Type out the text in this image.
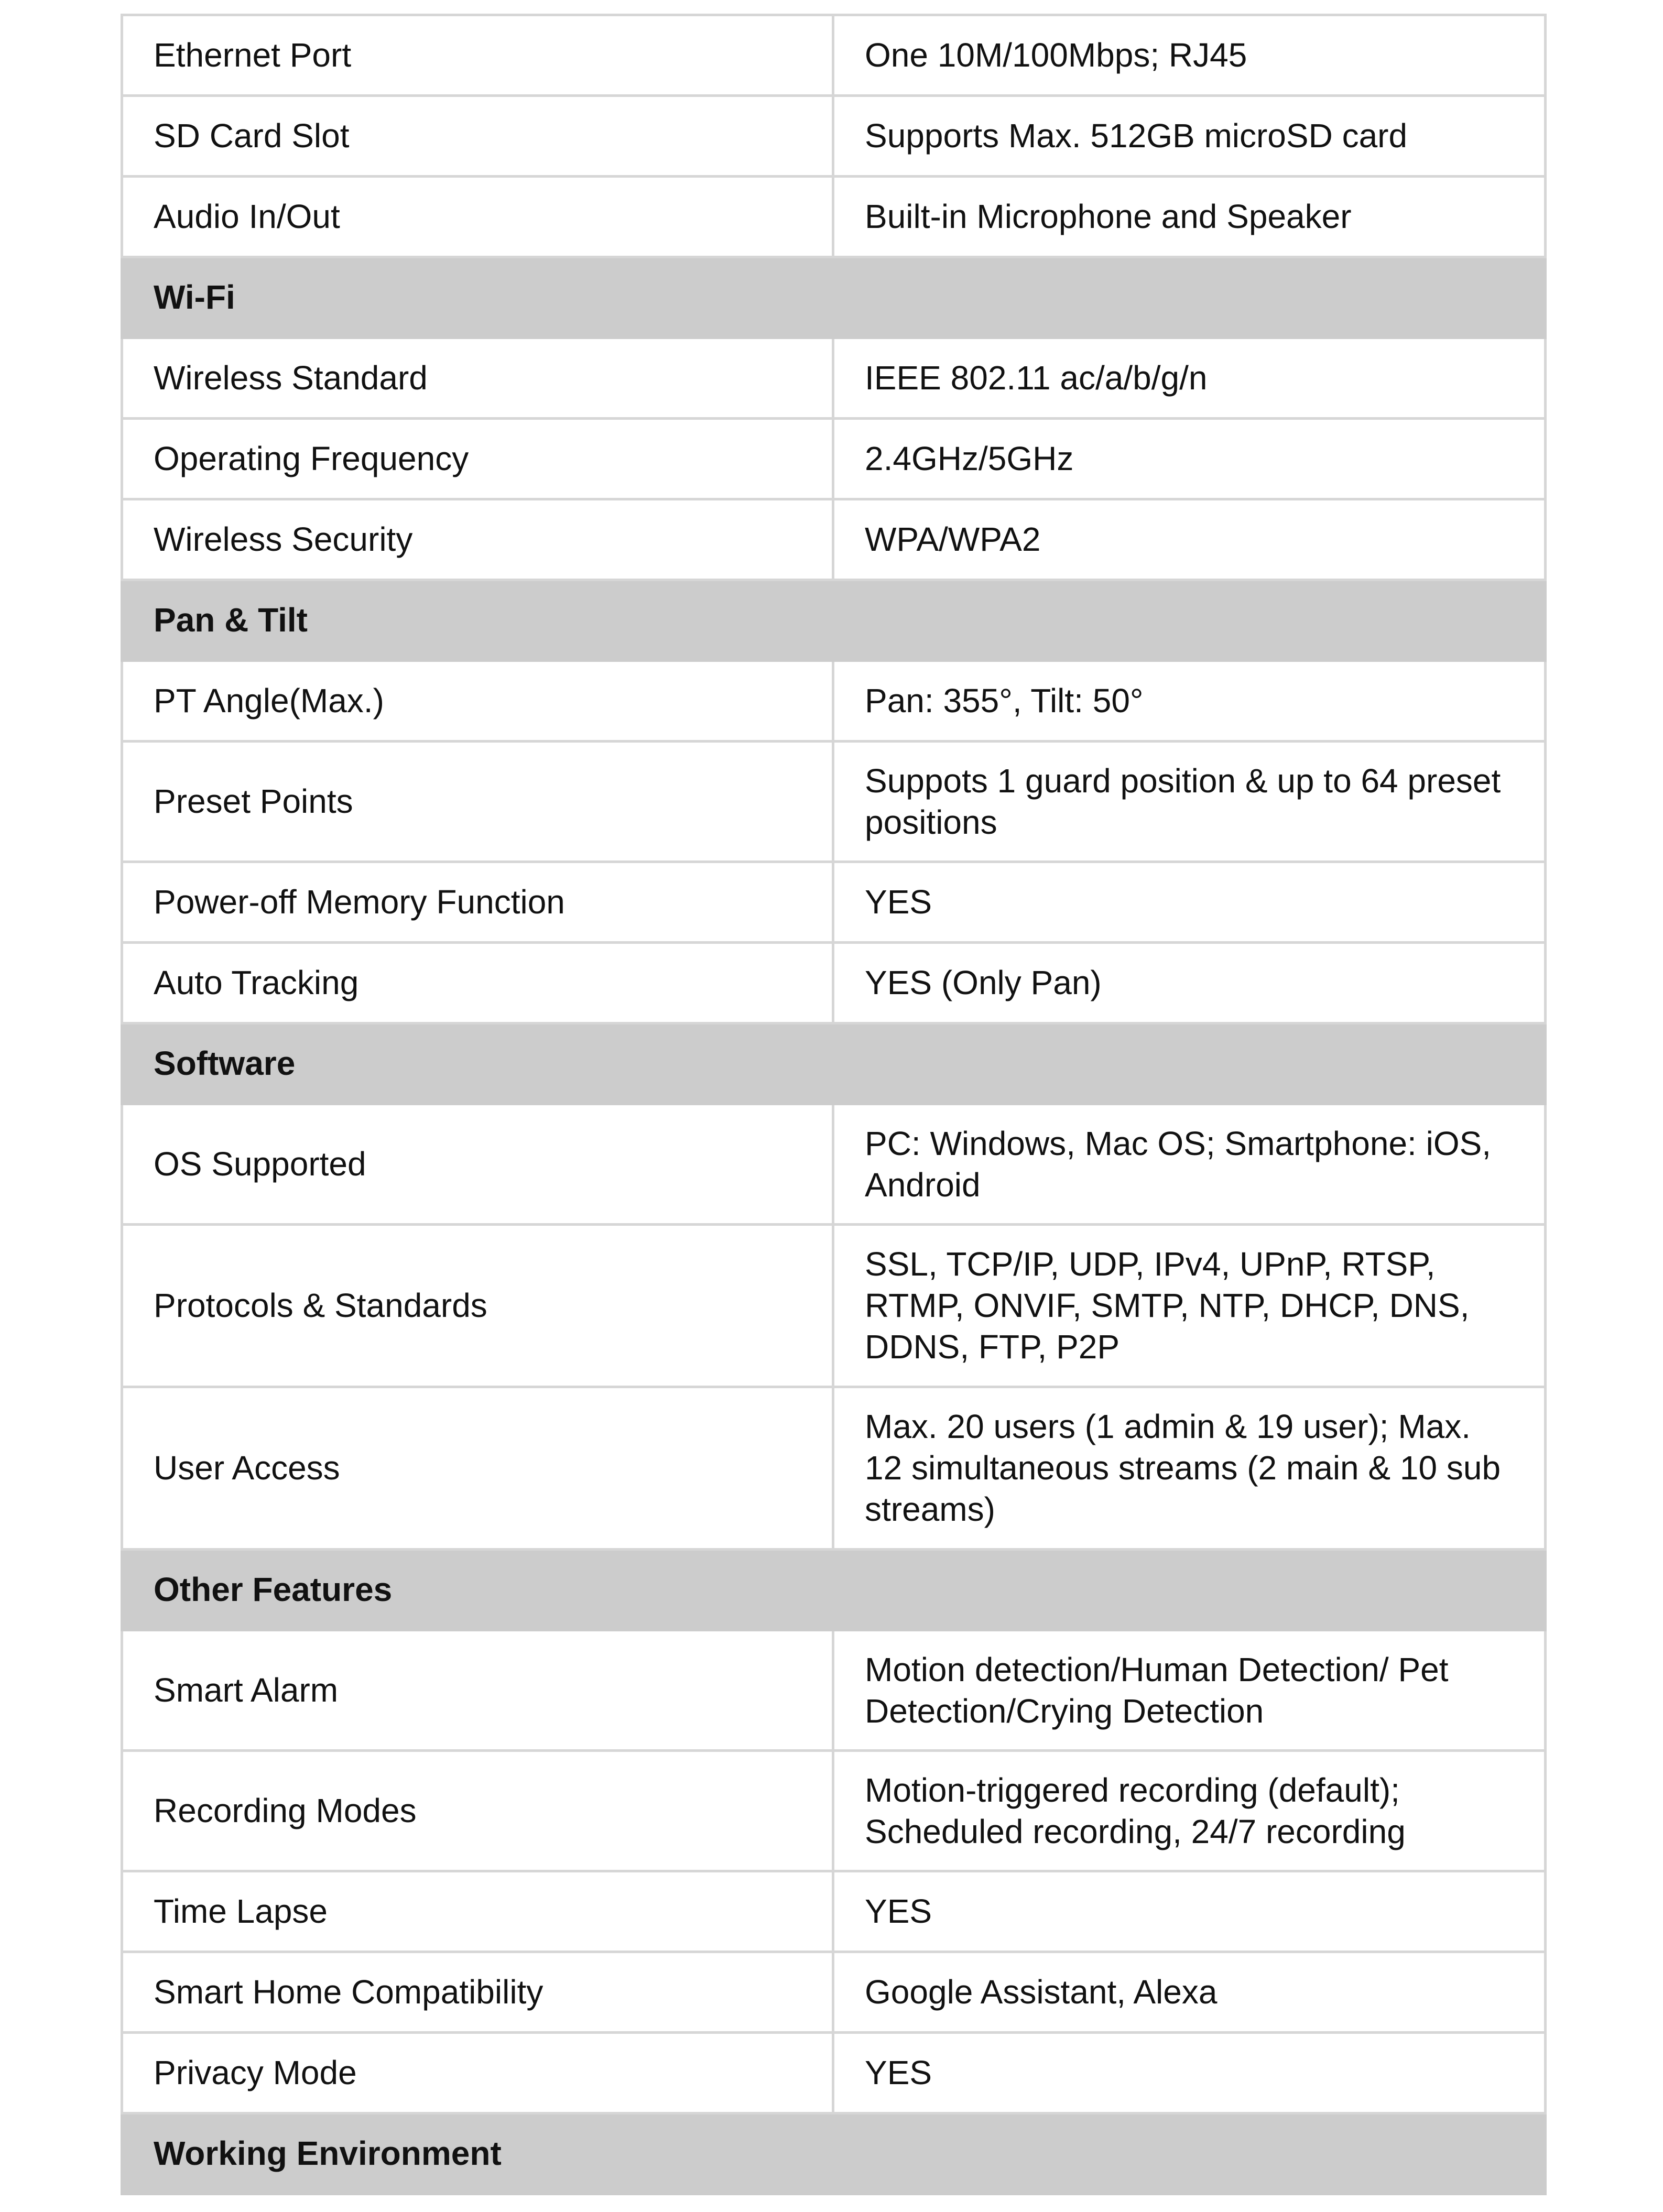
Ethernet Port	One 10M/100Mbps; RJ45
SD Card Slot	Supports Max. 512GB microSD card
Audio In/Out	Built-in Microphone and Speaker
Wi-Fi	
Wireless Standard	IEEE 802.11 ac/a/b/g/n
Operating Frequency	2.4GHz/5GHz
Wireless Security	WPA/WPA2
Pan & Tilt	
PT Angle(Max.)	Pan: 355°, Tilt: 50°
Preset Points	Suppots 1 guard position & up to 64 preset positions
Power-off Memory Function	YES
Auto Tracking	YES (Only Pan)
Software	
OS Supported	PC: Windows, Mac OS; Smartphone: iOS, Android
Protocols & Standards	SSL, TCP/IP, UDP, IPv4, UPnP, RTSP, RTMP, ONVIF, SMTP, NTP, DHCP, DNS, DDNS, FTP, P2P
User Access	Max. 20 users (1 admin & 19 user); Max. 12 simultaneous streams (2 main & 10 sub streams)
Other Features	
Smart Alarm	Motion detection/Human Detection/ Pet Detection/Crying Detection
Recording Modes	Motion-triggered recording (default); Scheduled recording, 24/7 recording
Time Lapse	YES
Smart Home Compatibility	Google Assistant, Alexa
Privacy Mode	YES
Working Environment	
